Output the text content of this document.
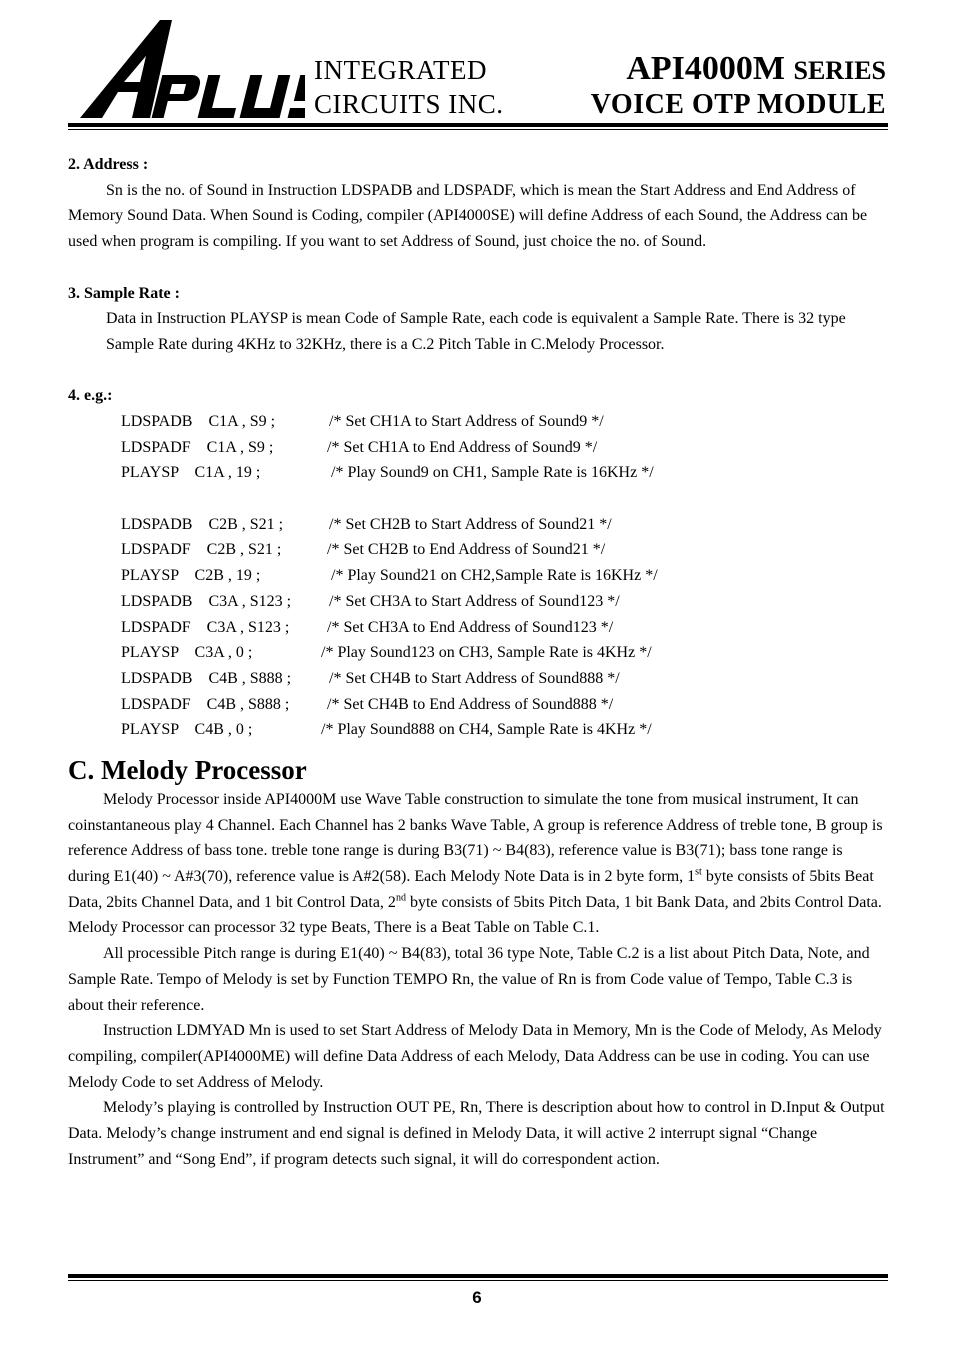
APLUS
INTEGRATED
CIRCUITS INC.
API4000M SERIES
VOICE OTP MODULE
2. Address :

Sn is the no. of Sound in Instruction LDSPADB and LDSPADF, which is mean the Start Address and End Address of Memory Sound Data. When Sound is Coding, compiler (API4000SE) will define Address of each Sound, the Address can be used when program is compiling. If you want to set Address of Sound, just choice the no. of Sound.

3. Sample Rate :

Data in Instruction PLAYSP is mean Code of Sample Rate, each code is equivalent a Sample Rate. There is 32 type Sample Rate during 4KHz to 32KHz, there is a C.2 Pitch Table in C.Melody Processor.

4. e.g.:
LDSPADB    C1A , S9 ;	/* Set CH1A to Start Address of Sound9 */
LDSPADF    C1A , S9 ;	/* Set CH1A to End Address of Sound9 */
PLAYSP    C1A , 19 ;	/* Play Sound9 on CH1, Sample Rate is 16KHz */
LDSPADB    C2B , S21 ;	/* Set CH2B to Start Address of Sound21 */
LDSPADF    C2B , S21 ;	/* Set CH2B to End Address of Sound21 */
PLAYSP    C2B , 19 ;	/* Play Sound21 on CH2,Sample Rate is 16KHz */
LDSPADB    C3A , S123 ; /* Set CH3A to Start Address of Sound123 */
LDSPADF    C3A , S123 ; /* Set CH3A to End Address of Sound123 */
PLAYSP    C3A , 0 ;	/* Play Sound123 on CH3, Sample Rate is 4KHz */
LDSPADB    C4B , S888 ; /* Set CH4B to Start Address of Sound888 */
LDSPADF    C4B , S888 ; /* Set CH4B to End Address of Sound888 */
PLAYSP    C4B , 0 ;	/* Play Sound888 on CH4, Sample Rate is 4KHz */
C. Melody Processor

Melody Processor inside API4000M use Wave Table construction to simulate the tone from musical instrument, It can coinstantaneous play 4 Channel. Each Channel has 2 banks Wave Table, A group is reference Address of treble tone, B group is reference Address of bass tone. treble tone range is during B3(71) ~ B4(83), reference value is B3(71); bass tone range is during E1(40) ~ A#3(70), reference value is A#2(58). Each Melody Note Data is in 2 byte form, 1st byte consists of 5bits Beat Data, 2bits Channel Data, and 1 bit Control Data, 2nd byte consists of 5bits Pitch Data, 1 bit Bank Data, and 2bits Control Data. Melody Processor can processor 32 type Beats, There is a Beat Table on Table C.1.

All processible Pitch range is during E1(40) ~ B4(83), total 36 type Note, Table C.2 is a list about Pitch Data, Note, and Sample Rate. Tempo of Melody is set by Function TEMPO Rn, the value of Rn is from Code value of Tempo, Table C.3 is about their reference.

Instruction LDMYAD Mn is used to set Start Address of Melody Data in Memory, Mn is the Code of Melody, As Melody compiling, compiler(API4000ME) will define Data Address of each Melody, Data Address can be use in coding. You can use Melody Code to set Address of Melody.

Melody’s playing is controlled by Instruction OUT PE, Rn, There is description about how to control in D.Input & Output Data. Melody’s change instrument and end signal is defined in Melody Data, it will active 2 interrupt signal “Change Instrument” and “Song End”, if program detects such signal, it will do correspondent action.

6
